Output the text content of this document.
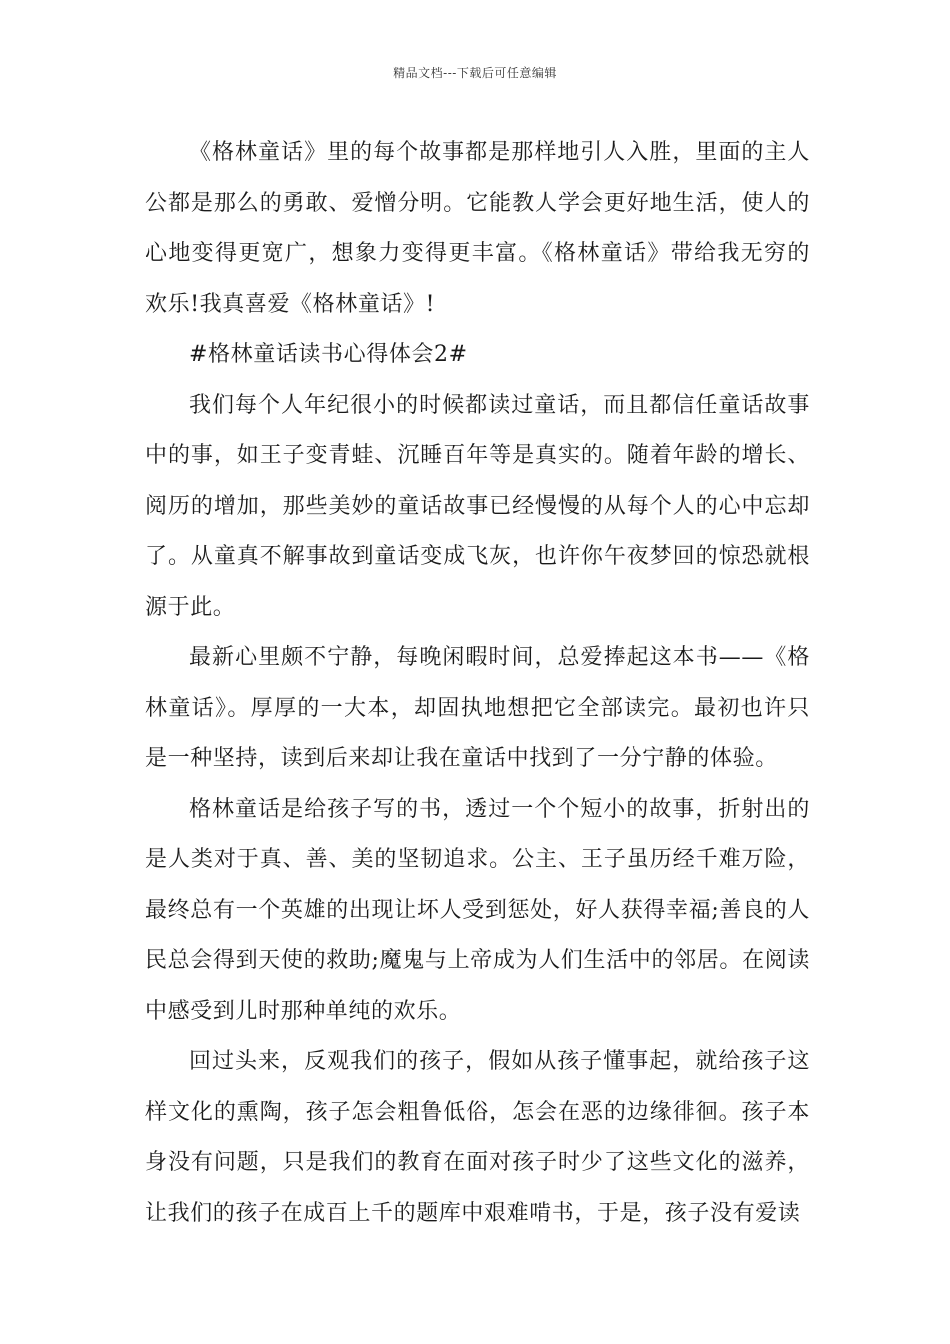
精品文档---下载后可任意编辑

《格林童话》里的每个故事都是那样地引人入胜，里面的主人公都是那么的勇敢、爱憎分明。它能教人学会更好地生活，使人的心地变得更宽广，想象力变得更丰富。《格林童话》带给我无穷的欢乐!我真喜爱《格林童话》!

#格林童话读书心得体会2#

我们每个人年纪很小的时候都读过童话，而且都信任童话故事中的事，如王子变青蛙、沉睡百年等是真实的。随着年龄的增长、阅历的增加，那些美妙的童话故事已经慢慢的从每个人的心中忘却了。从童真不解事故到童话变成飞灰，也许你午夜梦回的惊恐就根源于此。

最新心里颇不宁静，每晚闲暇时间，总爱捧起这本书——《格林童话》。厚厚的一大本，却固执地想把它全部读完。最初也许只是一种坚持，读到后来却让我在童话中找到了一分宁静的体验。

格林童话是给孩子写的书，透过一个个短小的故事，折射出的是人类对于真、善、美的坚韧追求。公主、王子虽历经千难万险，最终总有一个英雄的出现让坏人受到惩处，好人获得幸福;善良的人民总会得到天使的救助;魔鬼与上帝成为人们生活中的邻居。在阅读中感受到儿时那种单纯的欢乐。

回过头来，反观我们的孩子，假如从孩子懂事起，就给孩子这样文化的熏陶，孩子怎会粗鲁低俗，怎会在恶的边缘徘徊。孩子本身没有问题，只是我们的教育在面对孩子时少了这些文化的滋养，让我们的孩子在成百上千的题库中艰难啃书，于是，孩子没有爱读
